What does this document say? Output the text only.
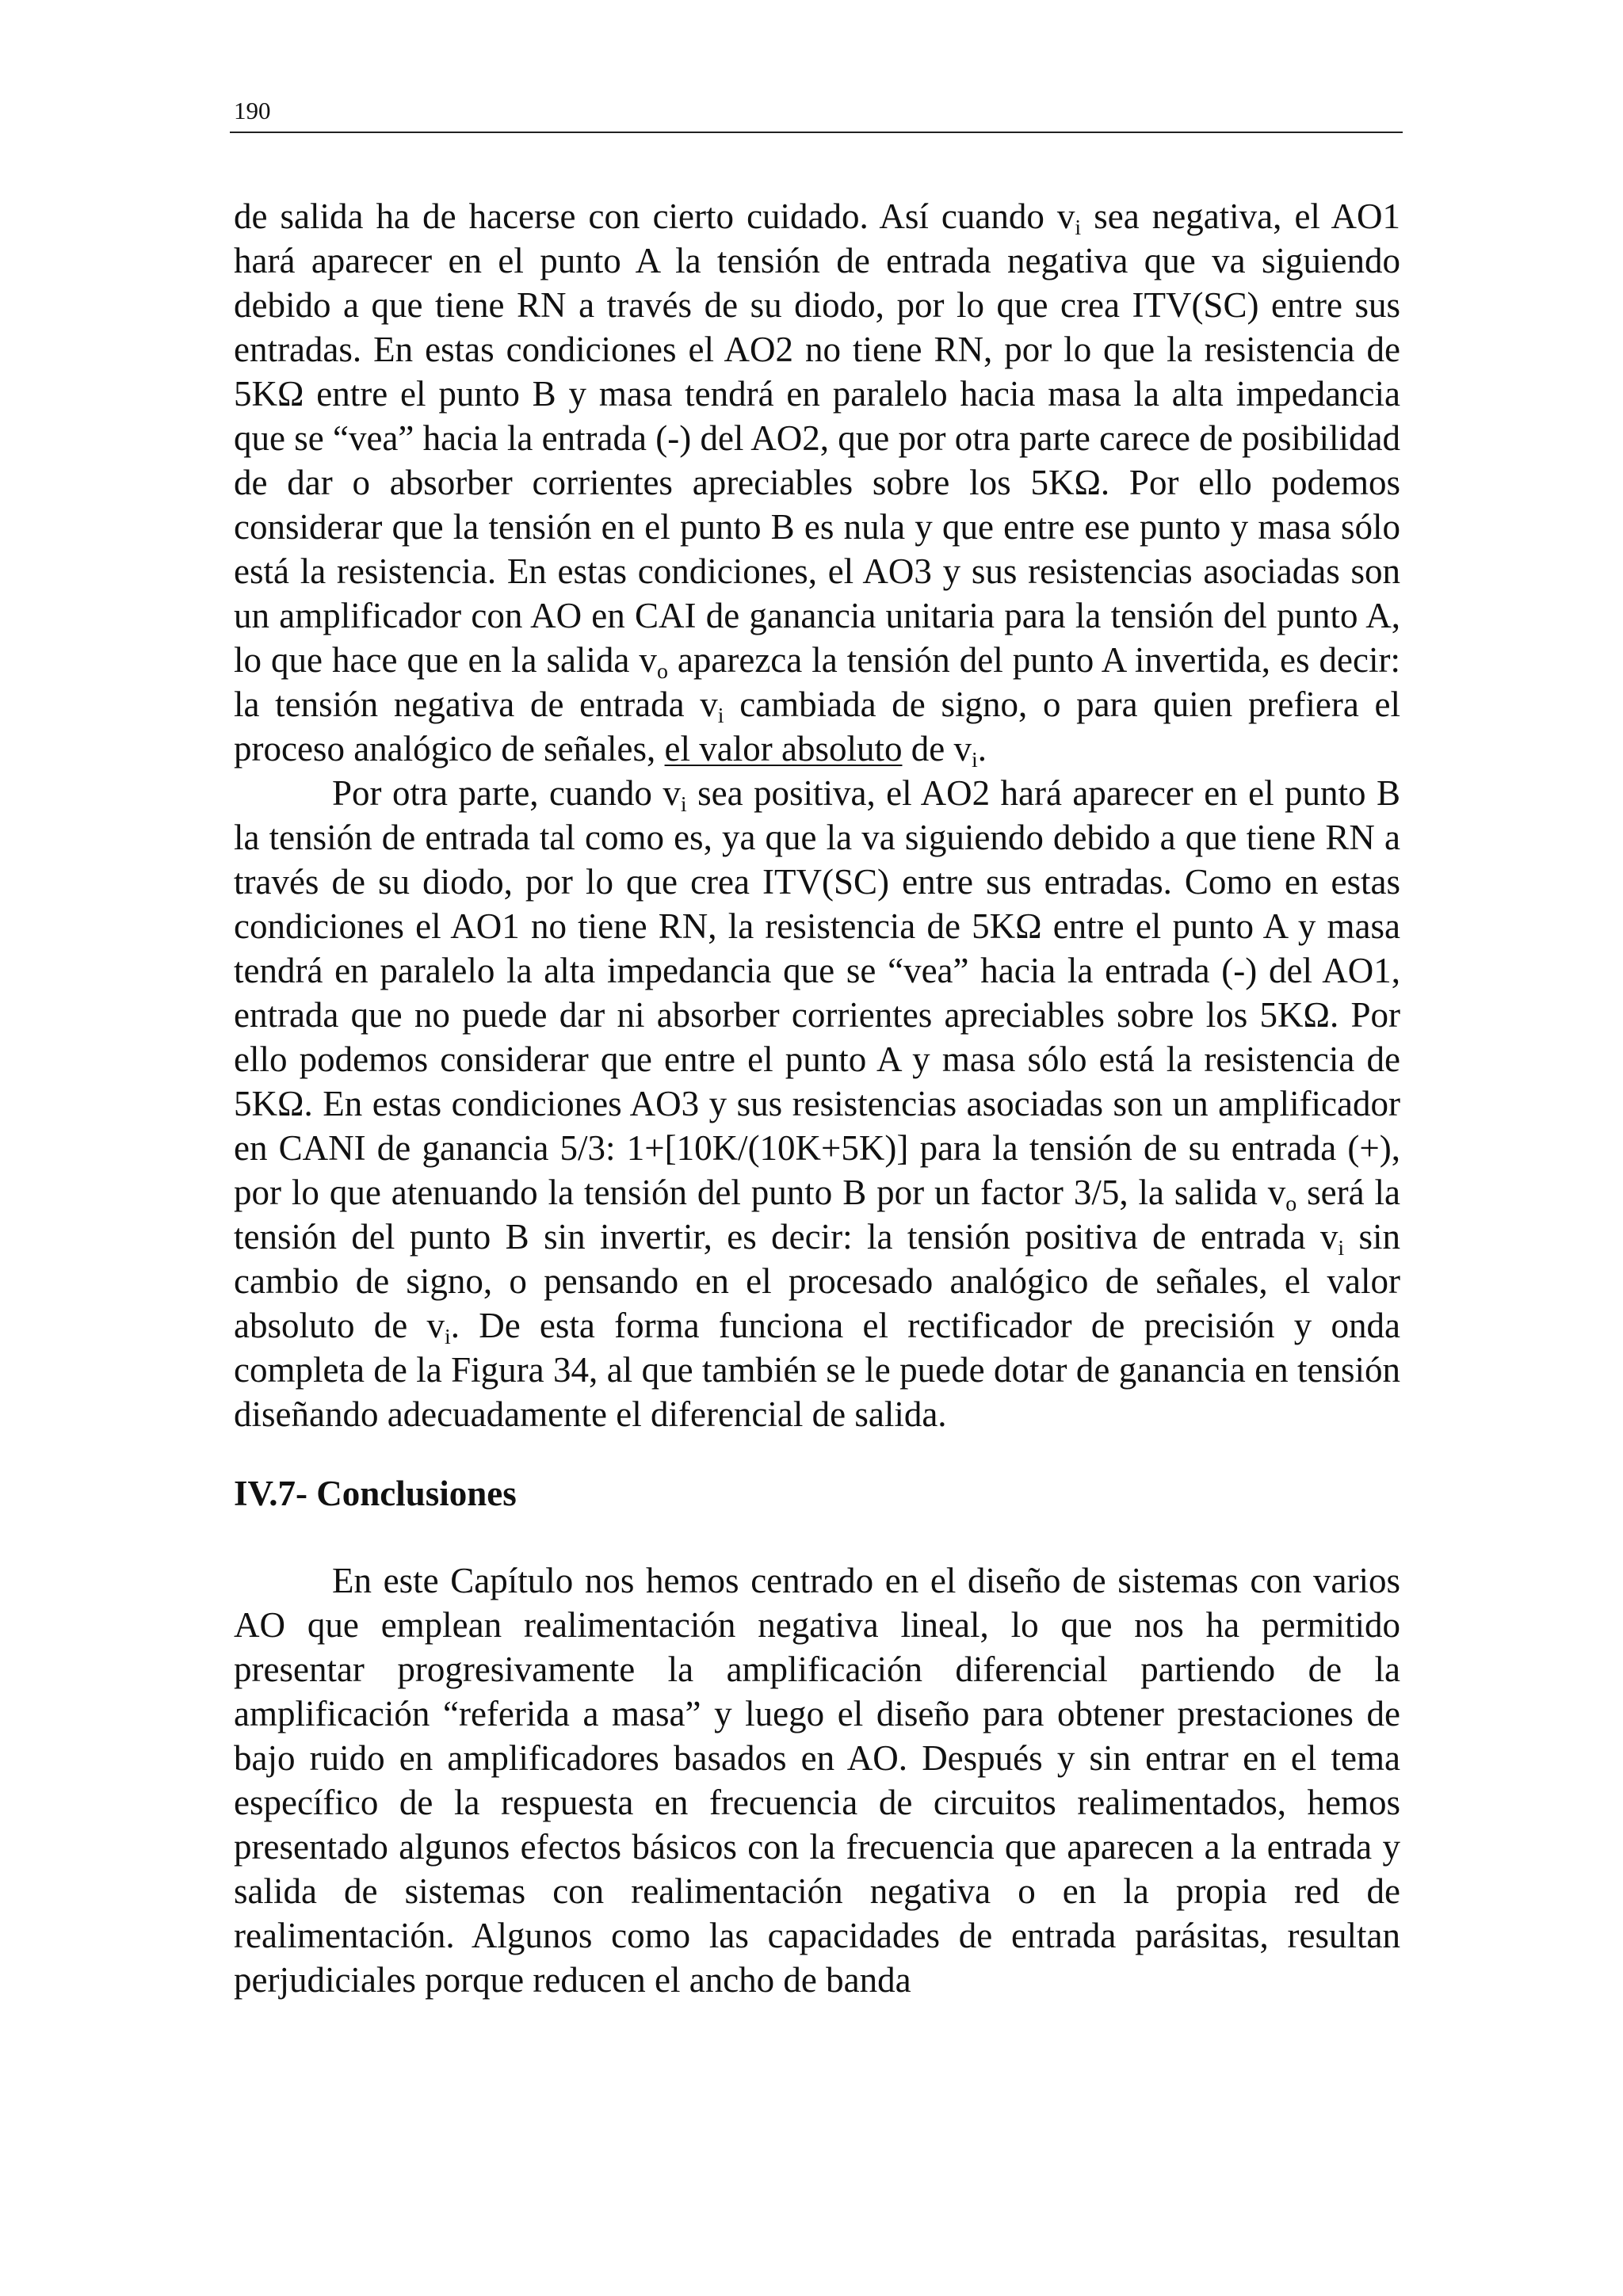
190

de salida ha de hacerse con cierto cuidado. Así cuando $v_i$ sea negativa, el AO1 hará aparecer en el punto A la tensión de entrada negativa que va siguiendo debido a que tiene RN a través de su diodo, por lo que crea ITV(SC) entre sus entradas. En estas condiciones el AO2 no tiene RN, por lo que la resistencia de 5KΩ entre el punto B y masa tendrá en paralelo hacia masa la alta impedancia que se “vea” hacia la entrada (-) del AO2, que por otra parte carece de posibilidad de dar o absorber corrientes apreciables sobre los 5KΩ. Por ello podemos considerar que la tensión en el punto B es nula y que entre ese punto y masa sólo está la resistencia. En estas condiciones, el AO3 y sus resistencias asociadas son un amplificador con AO en CAI de ganancia unitaria para la tensión del punto A, lo que hace que en la salida $v_o$ aparezca la tensión del punto A invertida, es decir: la tensión negativa de entrada $v_i$ cambiada de signo, o para quien prefiera el proceso analógico de señales, el valor absoluto de $v_i$.

Por otra parte, cuando $v_i$ sea positiva, el AO2 hará aparecer en el punto B la tensión de entrada tal como es, ya que la va siguiendo debido a que tiene RN a través de su diodo, por lo que crea ITV(SC) entre sus entradas. Como en estas condiciones el AO1 no tiene RN, la resistencia de 5KΩ entre el punto A y masa tendrá en paralelo la alta impedancia que se “vea” hacia la entrada (-) del AO1, entrada que no puede dar ni absorber corrientes apreciables sobre los 5KΩ. Por ello podemos considerar que entre el punto A y masa sólo está la resistencia de 5KΩ. En estas condiciones AO3 y sus resistencias asociadas son un amplificador en CANI de ganancia 5/3: 1+[10K/(10K+5K)] para la tensión de su entrada (+), por lo que atenuando la tensión del punto B por un factor 3/5, la salida $v_o$ será la tensión del punto B sin invertir, es decir: la tensión positiva de entrada $v_i$ sin cambio de signo, o pensando en el procesado analógico de señales, el valor absoluto de $v_i$. De esta forma funciona el rectificador de precisión y onda completa de la Figura 34, al que también se le puede dotar de ganancia en tensión diseñando adecuadamente el diferencial de salida.

IV.7- Conclusiones

En este Capítulo nos hemos centrado en el diseño de sistemas con varios AO que emplean realimentación negativa lineal, lo que nos ha permitido presentar progresivamente la amplificación diferencial partiendo de la amplificación “referida a masa” y luego el diseño para obtener prestaciones de bajo ruido en amplificadores basados en AO. Después y sin entrar en el tema específico de la respuesta en frecuencia de circuitos realimentados, hemos presentado algunos efectos básicos con la frecuencia que aparecen a la entrada y salida de sistemas con realimentación negativa o en la propia red de realimentación. Algunos como las capacidades de entrada parásitas, resultan perjudiciales porque reducen el ancho de banda
